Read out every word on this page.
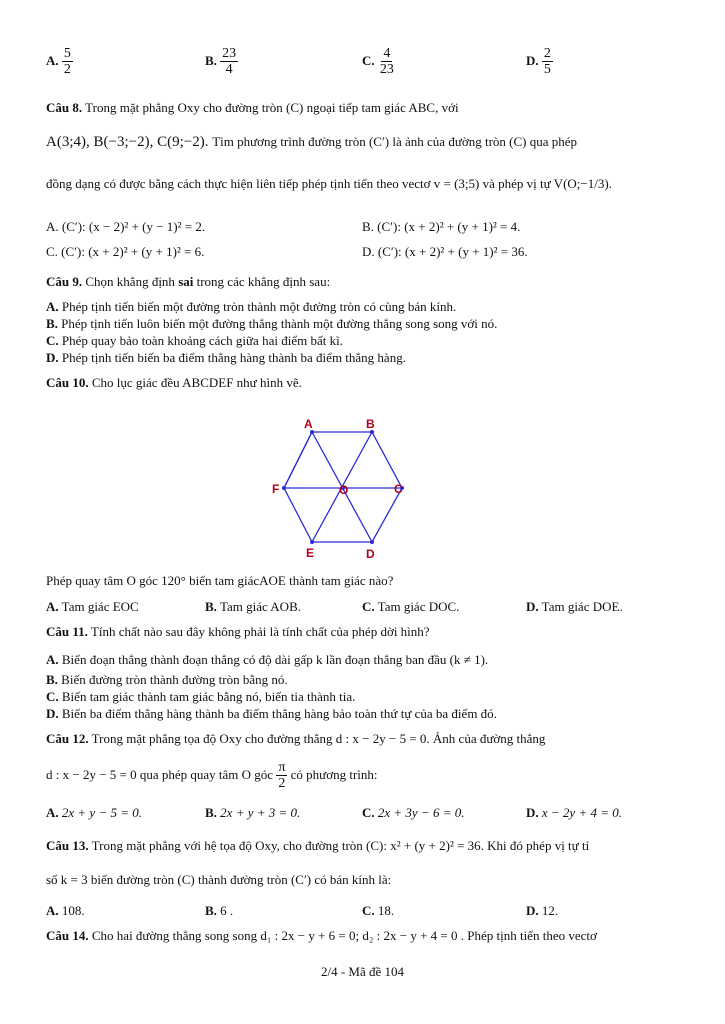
A. $\frac{5}{2}$	B. $\frac{23}{4}$	C. $\frac{4}{23}$	D. $\frac{2}{5}$
Câu 8. Trong mặt phẳng Oxy cho đường tròn (C) ngoại tiếp tam giác ABC, với
A(3;4), B(−3;−2), C(9;−2). Tìm phương trình đường tròn (C′) là ảnh của đường tròn (C) qua phép
đồng dạng có được bằng cách thực hiện liên tiếp phép tịnh tiến theo vectơ v = (3;5) và phép vị tự V(O;−1/3).
A. (C′): (x − 2)² + (y − 1)² = 2.	B. (C′): (x + 2)² + (y + 1)² = 4.
C. (C′): (x + 2)² + (y + 1)² = 6.	D. (C′): (x + 2)² + (y + 1)² = 36.
Câu 9. Chọn khẳng định sai trong các khẳng định sau:
A. Phép tịnh tiến biến một đường tròn thành một đường tròn có cùng bán kính.
B. Phép tịnh tiến luôn biến một đường thẳng thành một đường thẳng song song với nó.
C. Phép quay bảo toàn khoảng cách giữa hai điểm bất kì.
D. Phép tịnh tiến biến ba điểm thẳng hàng thành ba điểm thẳng hàng.
Câu 10. Cho lục giác đều ABCDEF như hình vẽ.
A	B
C
D
E
F	O
Phép quay tâm O góc 120° biến tam giácAOE thành tam giác nào?
A. Tam giác EOC	B. Tam giác AOB.	C. Tam giác DOC.	D. Tam giác DOE.
Câu 11. Tính chất nào sau đây không phải là tính chất của phép dời hình?
A. Biến đoạn thẳng thành đoạn thẳng có độ dài gấp k lần đoạn thẳng ban đầu (k ≠ 1).
B. Biến đường tròn thành đường tròn bằng nó.
C. Biến tam giác thành tam giác bằng nó, biến tia thành tia.
D. Biến ba điểm thẳng hàng thành ba điểm thẳng hàng bảo toàn thứ tự của ba điểm đó.
Câu 12. Trong mặt phẳng tọa độ Oxy cho đường thẳng d : x − 2y − 5 = 0. Ảnh của đường thẳng
d : x − 2y − 5 = 0 qua phép quay tâm O góc $\frac{\pi}{2}$ có phương trình:
A. 2x + y − 5 = 0.	B. 2x + y + 3 = 0.	C. 2x + 3y − 6 = 0.	D. x − 2y + 4 = 0.
Câu 13. Trong mặt phẳng với hệ tọa độ Oxy, cho đường tròn (C): x² + (y + 2)² = 36. Khi đó phép vị tự tỉ
số k = 3 biến đường tròn (C) thành đường tròn (C′) có bán kính là:
A. 108.	B. 6 .	C. 18.	D. 12.
Câu 14. Cho hai đường thẳng song song d₁ : 2x − y + 6 = 0; d₂ : 2x − y + 4 = 0 . Phép tịnh tiến theo vectơ
2/4 - Mã đề 104
